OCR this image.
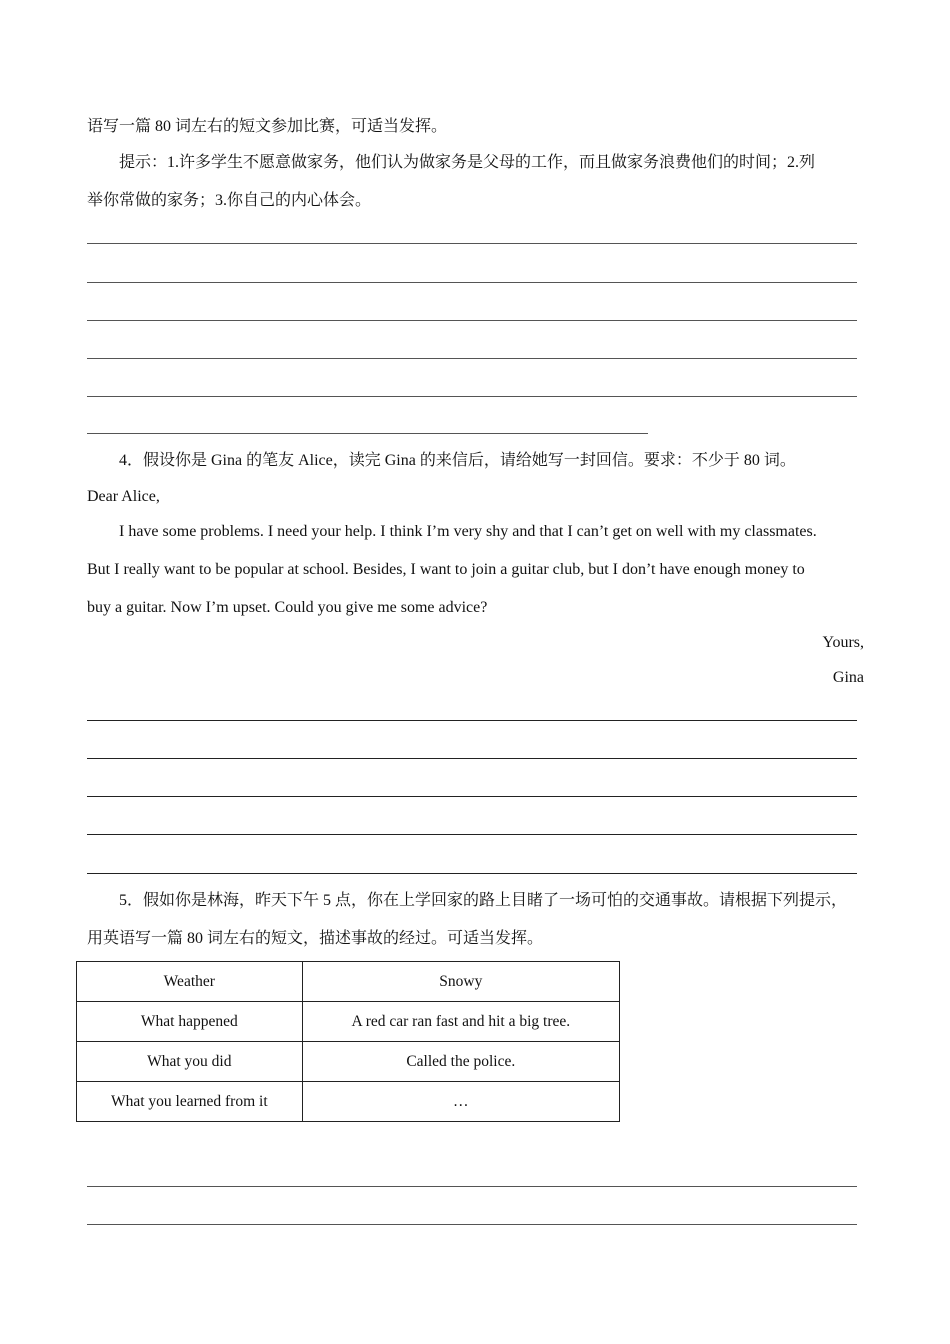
语写一篇 80 词左右的短文参加比赛，可适当发挥。
提示：1.许多学生不愿意做家务，他们认为做家务是父母的工作，而且做家务浪费他们的时间；2.列
举你常做的家务；3.你自己的内心体会。
4．假设你是 Gina 的笔友 Alice，读完 Gina 的来信后，请给她写一封回信。要求：不少于 80 词。
Dear Alice,
I have some problems. I need your help. I think I’m very shy and that I can’t get on well with my classmates.
But I really want to be popular at school. Besides, I want to join a guitar club, but I don’t have enough money to
buy a guitar. Now I’m upset. Could you give me some advice?
Yours,
Gina
5．假如你是林海，昨天下午 5 点，你在上学回家的路上目睹了一场可怕的交通事故。请根据下列提示，
用英语写一篇 80 词左右的短文，描述事故的经过。可适当发挥。
Weather	Snowy
What happened	A red car ran fast and hit a big tree.
What you did	Called the police.
What you learned from it	…
